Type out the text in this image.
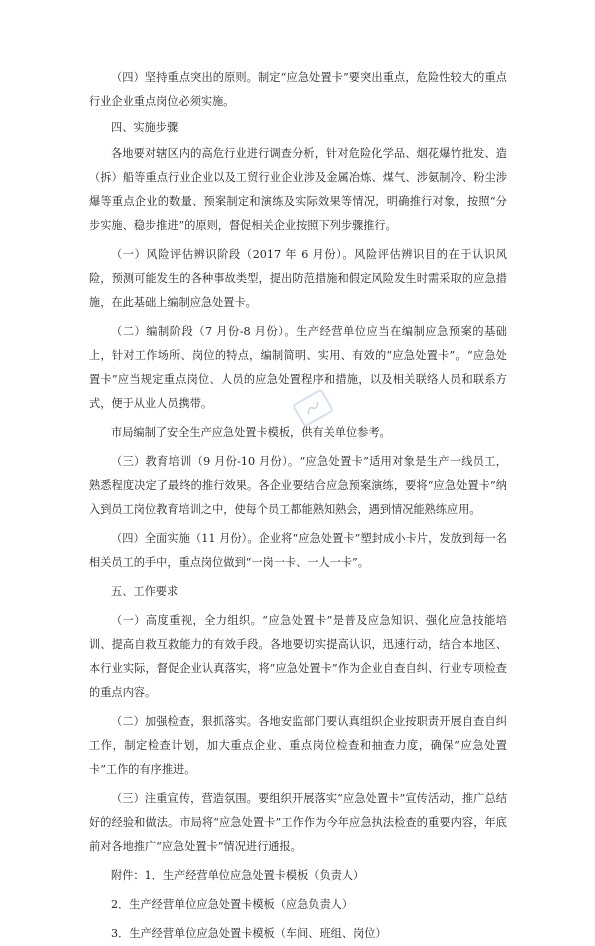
（四）坚持重点突出的原则。制定“应急处置卡”要突出重点，危险性较大的重点行业企业重点岗位必须实施。

四、实施步骤

各地要对辖区内的高危行业进行调查分析，针对危险化学品、烟花爆竹批发、造（拆）船等重点行业企业以及工贸行业企业涉及金属冶炼、煤气、涉氨制冷、粉尘涉爆等重点企业的数量、预案制定和演练及实际效果等情况，明确推行对象，按照“分步实施、稳步推进”的原则，督促相关企业按照下列步骤推行。

（一）风险评估辨识阶段（2017 年 6 月份）。风险评估辨识目的在于认识风险，预测可能发生的各种事故类型，提出防范措施和假定风险发生时需采取的应急措施，在此基础上编制应急处置卡。

（二）编制阶段（7 月份-8 月份）。生产经营单位应当在编制应急预案的基础上，针对工作场所、岗位的特点，编制简明、实用、有效的“应急处置卡”。“应急处置卡”应当规定重点岗位、人员的应急处置程序和措施，以及相关联络人员和联系方式，便于从业人员携带。

市局编制了安全生产应急处置卡模板，供有关单位参考。

（三）教育培训（9 月份-10 月份）。“应急处置卡”适用对象是生产一线员工，熟悉程度决定了最终的推行效果。各企业要结合应急预案演练，要将“应急处置卡”纳入到员工岗位教育培训之中，使每个员工都能熟知熟会，遇到情况能熟练应用。

（四）全面实施（11 月份）。企业将“应急处置卡”塑封成小卡片，发放到每一名相关员工的手中，重点岗位做到“一岗一卡、一人一卡”。

五、工作要求

（一）高度重视，全力组织。“应急处置卡”是普及应急知识、强化应急技能培训、提高自救互救能力的有效手段。各地要切实提高认识，迅速行动，结合本地区、本行业实际，督促企业认真落实，将“应急处置卡”作为企业自查自纠、行业专项检查的重点内容。

（二）加强检查，狠抓落实。各地安监部门要认真组织企业按职责开展自查自纠工作，制定检查计划，加大重点企业、重点岗位检查和抽查力度，确保“应急处置卡”工作的有序推进。

（三）注重宣传，营造氛围。要组织开展落实“应急处置卡”宣传活动，推广总结好的经验和做法。市局将“应急处置卡”工作作为今年应急执法检查的重要内容，年底前对各地推广“应急处置卡”情况进行通报。

附件：1．生产经营单位应急处置卡模板（负责人）

2．生产经营单位应急处置卡模板（应急负责人）

3．生产经营单位应急处置卡模板（车间、班组、岗位）
